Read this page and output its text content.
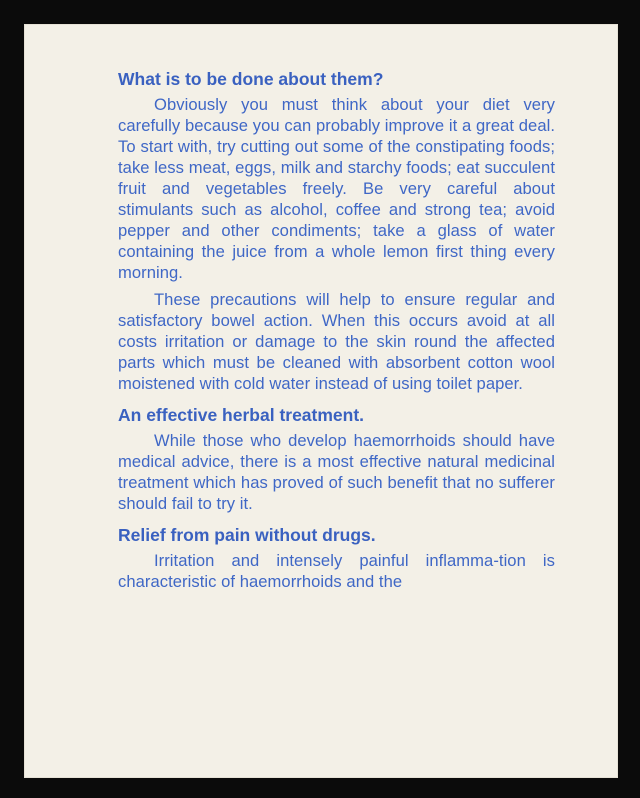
What is to be done about them?

Obviously you must think about your diet very carefully because you can probably improve it a great deal. To start with, try cutting out some of the constipating foods; take less meat, eggs, milk and starchy foods; eat succulent fruit and vegetables freely. Be very careful about stimulants such as alcohol, coffee and strong tea; avoid pepper and other condiments; take a glass of water containing the juice from a whole lemon first thing every morning.

These precautions will help to ensure regular and satisfactory bowel action. When this occurs avoid at all costs irritation or damage to the skin round the affected parts which must be cleaned with absorbent cotton wool moistened with cold water instead of using toilet paper.

An effective herbal treatment.

While those who develop haemorrhoids should have medical advice, there is a most effective natural medicinal treatment which has proved of such benefit that no sufferer should fail to try it.

Relief from pain without drugs.

Irritation and intensely painful inflamma-tion is characteristic of haemorrhoids and the
